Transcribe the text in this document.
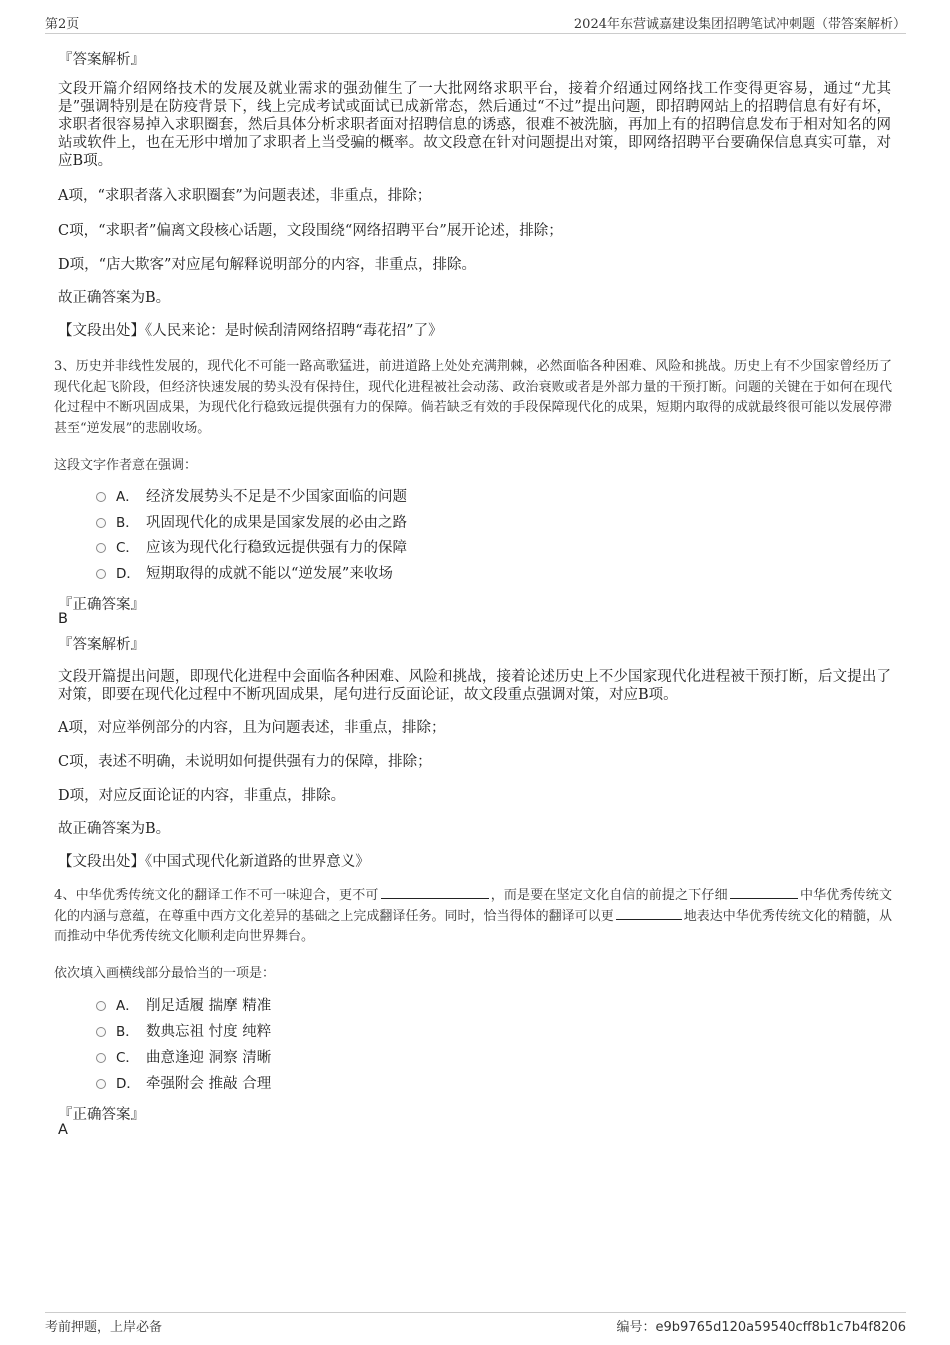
第2页	2024年东营诚嘉建设集团招聘笔试冲刺题（带答案解析）
『答案解析』
文段开篇介绍网络技术的发展及就业需求的强劲催生了一大批网络求职平台，接着介绍通过网络找工作变得更容易，通过“尤其是”强调特别是在防疫背景下，线上完成考试或面试已成新常态，然后通过“不过”提出问题，即招聘网站上的招聘信息有好有坏，求职者很容易掉入求职圈套，然后具体分析求职者面对招聘信息的诱惑，很难不被洗脑，再加上有的招聘信息发布于相对知名的网站或软件上，也在无形中增加了求职者上当受骗的概率。故文段意在针对问题提出对策，即网络招聘平台要确保信息真实可靠，对应B项。
A项，“求职者落入求职圈套”为问题表述，非重点，排除；
C项，“求职者”偏离文段核心话题，文段围绕“网络招聘平台”展开论述，排除；
D项，“店大欺客”对应尾句解释说明部分的内容，非重点，排除。
故正确答案为B。
【文段出处】《人民来论：是时候刮清网络招聘“毒花招”了》
3、历史并非线性发展的，现代化不可能一路高歌猛进，前进道路上处处充满荆棘，必然面临各种困难、风险和挑战。历史上有不少国家曾经历了现代化起飞阶段，但经济快速发展的势头没有保持住，现代化进程被社会动荡、政治衰败或者是外部力量的干预打断。问题的关键在于如何在现代化过程中不断巩固成果，为现代化行稳致远提供强有力的保障。倘若缺乏有效的手段保障现代化的成果，短期内取得的成就最终很可能以发展停滞甚至“逆发展”的悲剧收场。
这段文字作者意在强调：
A． 经济发展势头不足是不少国家面临的问题
B． 巩固现代化的成果是国家发展的必由之路
C． 应该为现代化行稳致远提供强有力的保障
D． 短期取得的成就不能以“逆发展”来收场
『正确答案』
B
『答案解析』
文段开篇提出问题，即现代化进程中会面临各种困难、风险和挑战，接着论述历史上不少国家现代化进程被干预打断，后文提出了对策，即要在现代化过程中不断巩固成果，尾句进行反面论证，故文段重点强调对策，对应B项。
A项，对应举例部分的内容，且为问题表述，非重点，排除；
C项，表述不明确，未说明如何提供强有力的保障，排除；
D项，对应反面论证的内容，非重点，排除。
故正确答案为B。
【文段出处】《中国式现代化新道路的世界意义》
4、中华优秀传统文化的翻译工作不可一味迎合，更不可	，而是要在坚定文化自信的前提之下仔细	中华优秀传统文化的内涵与意蕴，在尊重中西方文化差异的基础之上完成翻译任务。同时，恰当得体的翻译可以更	地表达中华优秀传统文化的精髓，从而推动中华优秀传统文化顺利走向世界舞台。
依次填入画横线部分最恰当的一项是：
A． 削足适履 揣摩 精准
B． 数典忘祖 忖度 纯粹
C． 曲意逢迎 洞察 清晰
D． 牵强附会 推敲 合理
『正确答案』
A
考前押题，上岸必备	编号：e9b9765d120a59540cff8b1c7b4f8206
